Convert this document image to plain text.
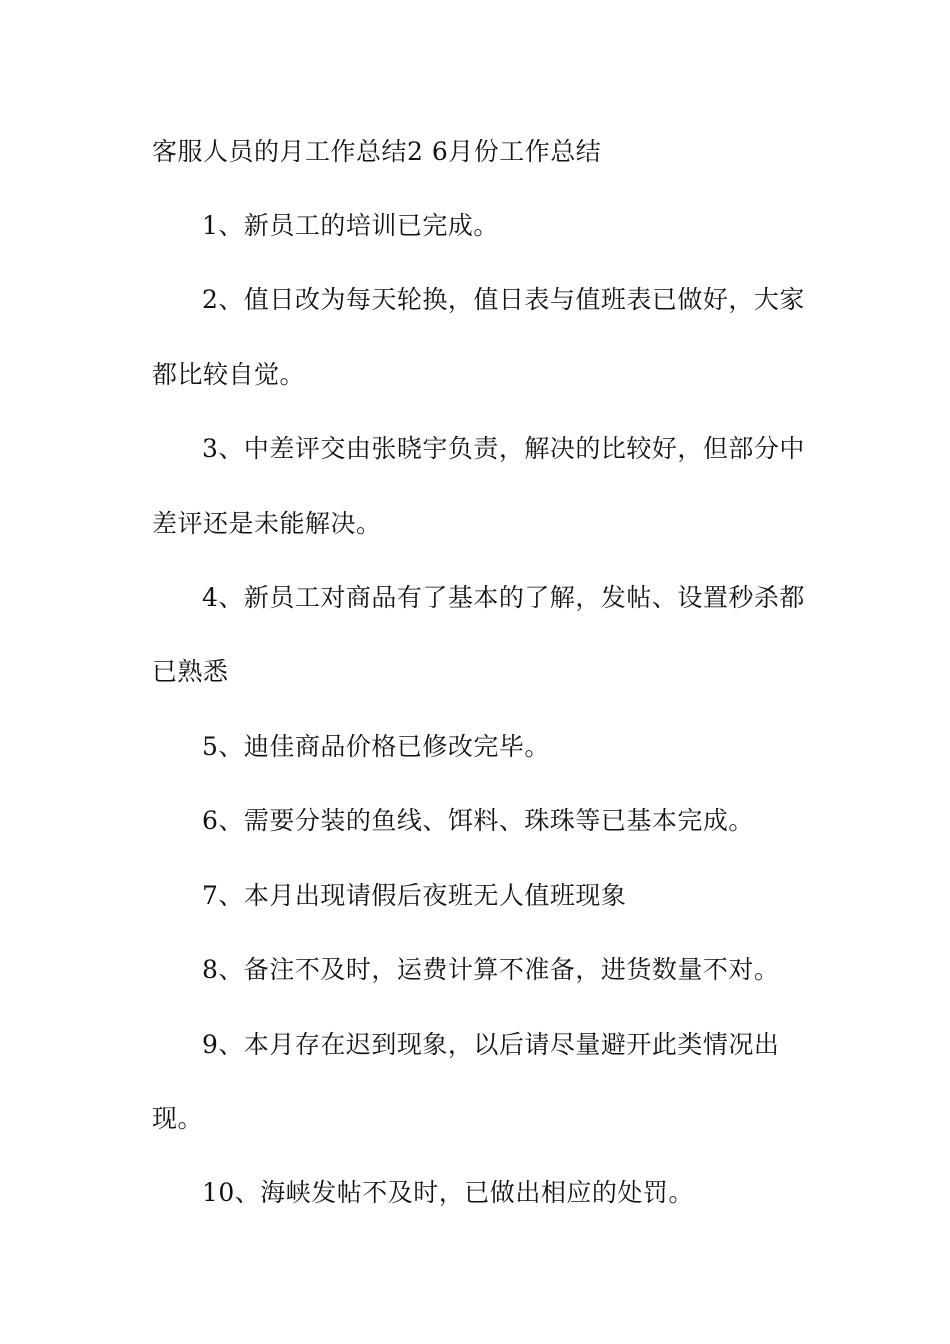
客服人员的月工作总结2 6月份工作总结
1、新员工的培训已完成。
2、值日改为每天轮换，值日表与值班表已做好，大家
都比较自觉。
3、中差评交由张晓宇负责，解决的比较好，但部分中
差评还是未能解决。
4、新员工对商品有了基本的了解，发帖、设置秒杀都
已熟悉
5、迪佳商品价格已修改完毕。
6、需要分装的鱼线、饵料、珠珠等已基本完成。
7、本月出现请假后夜班无人值班现象
8、备注不及时，运费计算不准备，进货数量不对。
9、本月存在迟到现象，以后请尽量避开此类情况出
现。
10、海峡发帖不及时，已做出相应的处罚。
